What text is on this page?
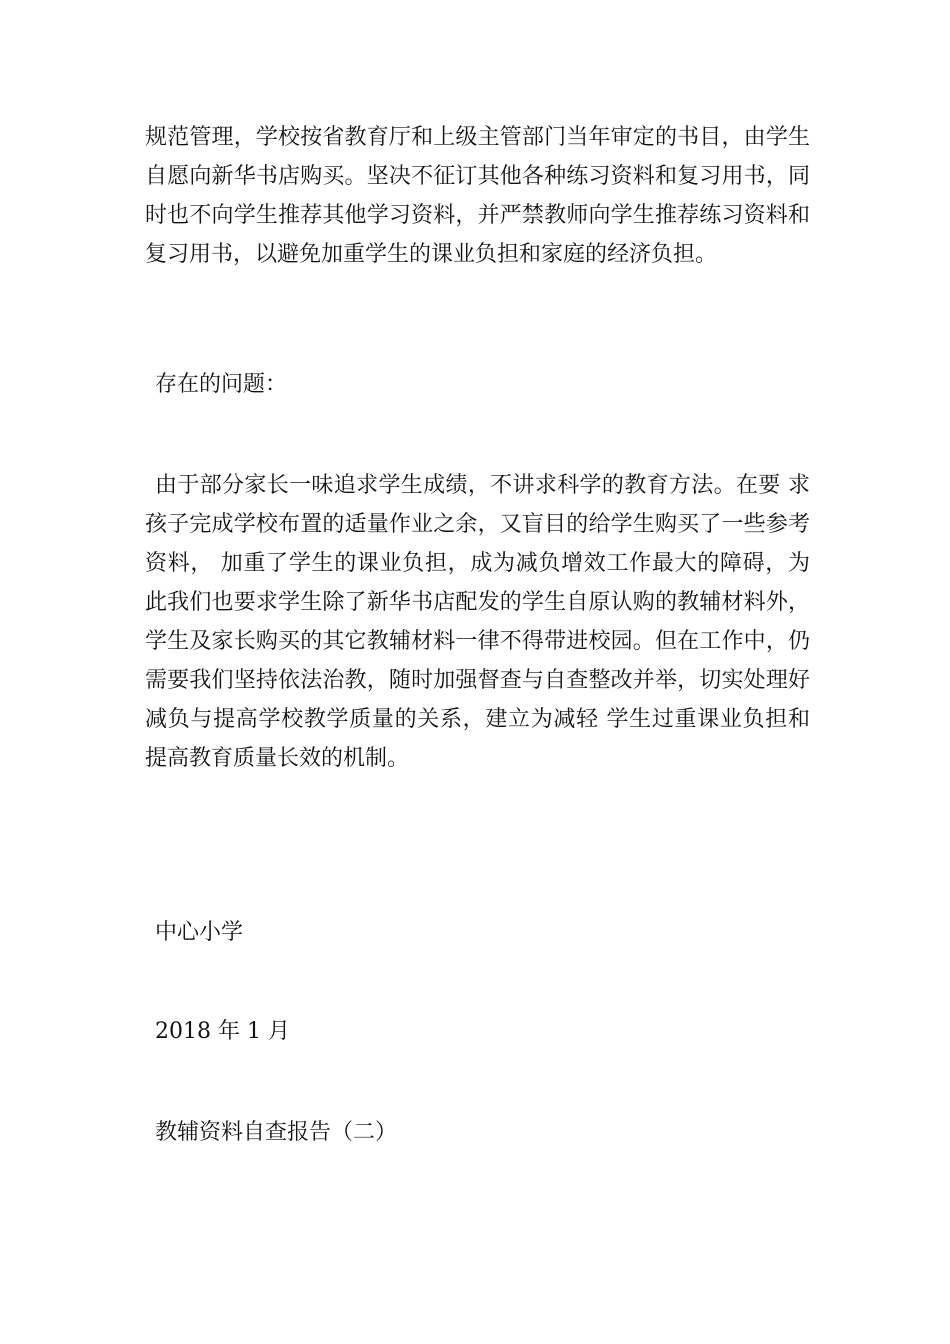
规范管理，学校按省教育厅和上级主管部门当年审定的书目，由学生
自愿向新华书店购买。坚决不征订其他各种练习资料和复习用书，同
时也不向学生推荐其他学习资料，并严禁教师向学生推荐练习资料和
复习用书，以避免加重学生的课业负担和家庭的经济负担。

存在的问题：

由于部分家长一味追求学生成绩，不讲求科学的教育方法。在要 求
孩子完成学校布置的适量作业之余，又盲目的给学生购买了一些参考
资料， 加重了学生的课业负担，成为减负增效工作最大的障碍，为
此我们也要求学生除了新华书店配发的学生自原认购的教辅材料外，
学生及家长购买的其它教辅材料一律不得带进校园。但在工作中，仍
需要我们坚持依法治教，随时加强督查与自查整改并举，切实处理好
减负与提高学校教学质量的关系，建立为减轻 学生过重课业负担和
提高教育质量长效的机制。

中心小学

2018 年 1 月

教辅资料自查报告（二）
